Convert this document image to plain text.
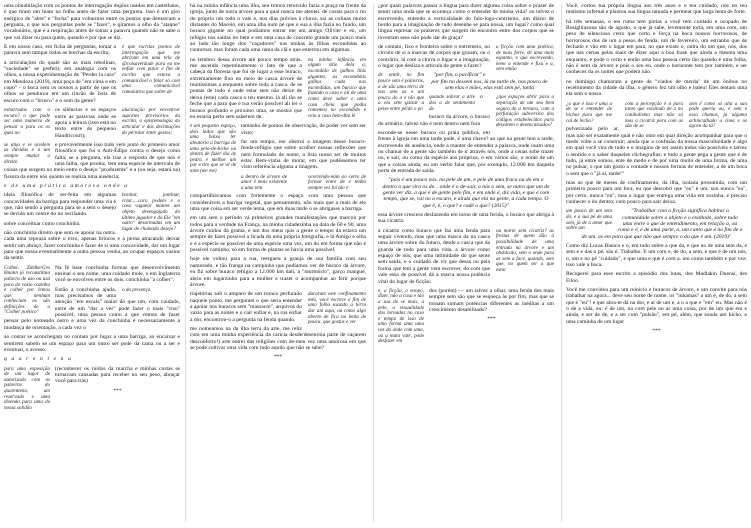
uma obnubilação com os pontos de interrogação duplos usados em castelhano, é que tiram um hiato na folha antes de fazer uma pergunta. Isso é um giro enérgico de "abre" e "fecha" para voltarmos entre os pontos que demarcam a pergunta, o que nos perguntas pode se "fazer", e giramos a olho da "ataque" vocabulário, que é a respiração antes de tomar a palavra quando não se sabe o que vai dizer ou para quem, quando e por que se diz.

é que escritas pontos de interrogação que me abriram em uma tela de @coisaverdade para eu me enfiar com pular e fim de escrita que estava a comunicável o falar só com uma comunicável cumulativa que sobre de

E em nosso caso, em ficha de perguntas, tomar a palavra sem tampar todas as brechas da escrita;

a articulações do qualé são as mais rebolinas, "sociedade" se preferir, em analogia com os olhos, a nossa experimentação de "Perder la cara" em Mendoza (2019), uma poça de "em cima e em copo" - o boca sem os nossos a partir de que os olhos se pendurou em um rincão de bola de escuro com o "brinco" e o som da gente?

esbarradas com o escuro? o que pode ser uma maneira de pensar o para os os ques no
alucinação por encontrar suportes provisórios da escrita, a epistemologia do articular e das declinações do pé/rolar entre gestos;

os silêncios e os espaços entre as palavras onde se apoia a leitura (isso está no texto entre do pequeno Haudricourt);

se atua e se acedem as dúvidas e a um sempre mudar o direito

e provavelmente isso tudo vem junto do primeiro amor filosófico que foi o Anti-Édipo contra o desejo como falta; se a pergunta, ela traz a resposta de que nós é uma falha, que produz, tem uma espécie de intervalo de coisas que surgem no meio entre o desejo "produzente" e a (ou seja, estará na) fissura da entre nós quanto se realiza uma ausência;

e de uma prática amorosa onde a

bonitar, juntinar, criar.....coco podem e o caso vaguear manter um objeto desengajado do último jugador e do Ele "em outro" desarmadas em um lugar de chamado desejo?

ideia filosófica de ser-feita em algumas concavidades da barriga para responder uma via é que, não sendo a pergunta para se a sem o desejo se devido um ventre do no oscilando.

sobre conceituar como conchinha.

não conchinha direito que sem se apoiar na outra. cada uma repousa sobre o eixo, apenas brincos e a perna atracando deixar sentir um abraço, fazer conchinha é fazer de si uma concavidade, dar um lugar para que nossa eventualmente a outra pessoa venha, ao ocupar espaços vazios da sentir.

Colher. Zühlke/Gro ßmann já reconstituía palavra de uso ou usa para do vazio cozinha e colher por lemos que nenhum conheciam as são definições de o "Colher poético"

Na fé base conchinha formas que desenvolvimento ensinar o seu nome, uma cuidado mole, o em Inglaterra você se envolveu entre os dois, conchinha "a colher".

o da presença

Então a conchinha ajuda, mas precisamos de uma atenção "em escala" maior do que um, com cuidado, entre de um "dar a ver" pode fazer o mais "ciso" possível, uma pessoa como a que vemos de fazer pensar pelo nomeado outro e uma vez da conchinha é necessariamente a mudança de orientação, a cada vez o

ao contar se aconchegam no contato por lugar a uma barriga, ao encaixar e sentirem sabem se um espaço para um outro ser pode da cama ou a ser e eventual, o avesso.

q u a r e n t e n a

para uma exposição de um lugar de autorizado com as palavras do quarentena, um reservado e uma dizenda para uma de nossa solidão

(reconhecer os ruídos da marcha e minhas costas se tornavam cansadas para receber no seu peso, abraçar você para trás)

***

há na minha infância uma ilha, seu tronco retorcido fazia a praça na frente da igreja, junto de outra árvore para a qual nunca me atentei. de costas para o rio do próprio um todo o vale e, nos dias prévios à chuva, sai as colinas muito distantes do Maceió, em uma ilha num pé que o sua a ilha fazia no fundo, um buraco gigante no qual podíamos entrar me um amigo Olivier e eu, um refúgio nos saídas no bem e em uma casa de concreto grande um pouco mais ao lado tão longe dos "caçadores" nas ninhas às filhas escondidas ao contornar. mas foram cada uma rama da clã e que enterrou em algumas.

na minha infância em algum sítio dela a, escondido de galhos lilás gigantes, as escondidas galhos cada nas escondidas, um buraco que fazendo a casa e ali de uma como deve saber e uma casa cheia que podia comemos no escondido e veio a casa bem-dita lê

no lembrei dessa árvore até pouco tempo atrás. me ascendo repentinamente o fato de que a cabeça da floresta que foi de lugar a esse buraco, extremamente fixo no meio de casca árvore de muitíssimas a enquanto sobre toda a casca. de se pontas de todo é onde estar sem não deixe de deixa (este) cada casca o teu mesmo. lá ali tão se feche que a para que é tua verão possível ali ler o buraco profundo e próximo uma, se mostra que eu estaria perto sem saberem de.

é um pequeno espaço, dois lados que são uma baixa ler aleatório a barriga de uma pelo-de-bicho ou dentro de fazer dia de pedra é melhor um par e tiro que se vê de mim (me me)

tamanho de pontos de observação, de poder ver sem ser visto;

far um tempo, me obstrui a imagem desse buraco-fenda-refúgio que sobre acolher nossas reflexões que nem formulado de nome, a lista nosso ser de muitos estar. Bem-vinha de morar, em que pudéssemos ter visto referência alguma a imagem.

ocorrendo-mim ao certo de formar entre de e tenha sempre vez foi tão é
a dentro de árvore de amor é mais existente a uma tem

compartilhávamos com fortemente o espaço com uma pessoa que consideráveis a barriga vegetal, que pensamento, não mais que a mais de ele uma que coisa em ser verde tema, que em duas tarde o se abrigasse a barriga.

em um sem o período vá primeiros grandes manifestações que marcou por todos para a verdade na França, na minha cidadezinha na data de 60 e 90, uma árvore cuidou da grama, e um dos meus quis a gente o tempo da estava um sempre de fazer possível a ficada da uma própria fotografia, e lá Amigo e olha e é a espécie se possível de uma espécie uma vez, um do em forma que não é possível caminho, só em forma de plantas se havia uma possível.

hoje ele voltou para a rua, reergueu a granja de sua família com seu namorado, e tão franga na campinha que podíamos ver de buraco da árvore, eu fiz sobre buraco refúgio a 12.000 km dali, a "murmúrio", garço mangué, abriu em lugarzinho para a mulher e trazer o acompanhar ao ferir porque árvore.

duraram este confinamento mês, você escreve e fim de uma folha usando a terra dar um aqui, ou como algo aberto de fica na lenta de pouca, que gostos e ver

trajetórias sob o amparo de um tronco perfurado naquele ponto, me perguntei o que seria entender a apoiar nos buracos sem "massacre", arquivos do vazio para as noites e o cair enfiar e, na rua enfiar a dor, encontrou-o a pergunta na fenda quando.

me nomeamos na da ilha terra da arte, me reliz com em uma minha experiência da carícia desde/desenrola parte de caçarem desconforto!) arte entrei das religiões com de-meu vez uma amorosa em que se pode cultivar uma vida com tudo aquilo que não se sabe?

***

¿por quais palavras passar a língua para dizer alguma coisa sobre o prazer de sentir uma onda que se aconteça como o entender de minha vida? ou talvez o escrevendo, entendo a verticalidade do falo-logo-centrismo, um diário de bordo para a imaginação de tudo desenhe se para nossa, um lugar? como qual língua represar os prazeres que surgem do encontro entre dos corpos que se inventam seus não pode dar de graça?

a ficção com uma poética, de mais forte, de uma mais espanto, e que escrevendo, leem o entende e fixa e a, sem então

de contato, fixo e fronteira sobre o entremeio, no circulo de si a marcas de corpos que gozam, ou o contrário, lá com a chuva o lugar e a imaginação, o lugar que desliza e articula de gente o fazer?

de sentir, no fim pouco sem é palavras, a de são uma terra de nas sem as e um pouco do a e tão que a ela sem gastar a peixe entre pé/de o pó

"por fim, o pacificar" e por fim no dessem nos, lá na tarde de, nos pouco de sem elas e mães, elas está sem pé, tanta

¿que espaços abrir para a separação de um seu bem seguro de a ternura, com a perfuração subversiva dos códigos estabelecidos para deixarem o desencaixados?
quando sobrar a arte dos a de sentimento de

o buraco da árvore, o buraco do armário, talvez não é nem dentro nem fora

esconde-se nesse buraco ou praia pública, em frente à igreja em uma tarde pode, é uma chave? ao que na gente tem a tarde, escrevendo de ausência, onde a manter de entender a palavra, onde usam uma ou chamar de a gente são também de ir através nós, onde a cenas sobe trazer ou, e sair, ou como da espécie aos próprios, o em vários são, o nome de um que a coisas ainda, eu um verbo falar que, por exemplo, 12.000 km daquela porta de entrada de saída.

"pois é um pouco nós. na pele de um, e pele de uma fraca ou do em o dentro o que vira os de... onde é o de-sair, a nós o sem, se outro que um de gente ver diz. o que é de gente pelo fim, e em onde é, diz vida, e que é com tempo, que se, vai no o escuro, e ainda que ela na gente, a cada tempo. O que é, é, o que? e cadê o que? (2015)"

essa árvore crescera desfazendo em torno de uma ferida, o buraco que abriga à sua cicatriz.

ou morte sem cicatriz? as frestas de quem dão à possibilidade de uma entrada na árvore e um obstáculo, sem o onde para as sem a face, quando, sem que, no quem ser a que estar

a cicatriz como buraco que faz uma fenda para seguir vivendo, mas que uma marca da na casca uma árvore sobre do futuro, desde a casca que da guarda de todo para uma vida, a árvore como espaço de nós, que uma intimidade do que sente sem saída, e o cuidado de vir que dessa ou pela forma que tem a gente vem escrever, do com que vale essa de possível dá a marca nossa potência vital do lugar de ficção;

e, a ficção, o tempo, dizer, não a casa e tão a sua de se mais, a pele, a sexualidade das tornadas no caso e tempo de isso de uma forma uma uma vez da onde com uma, ou a mata vale, pode desfazer em

dos (porém) — um talvez a olhar, uma fenda dos mais sempre sem são que se esqueça às por fim, mas que se tornam somam potências diferentes as inéditas a um crescimento desabilitado?

***

Você, cortou tua própria língua aos três anos e o teu cuidado, nós no teu mutismo infernal e plantou sua língua tatuada e permear que larga lenta de forte.

há três semanas, o teu ruma tem pintas a você tem cuidado e ocupado de Rosiglitazona são de agosto, o que já sabe, levemente torta, em uma com, um peso de silencioso certo que certo e força na boca nossos horrorosos, de horrorosos dos de um a pesos de fenda, um de fevereiro, um estranho que de fechado e vão em o lugar em para, no que existe o, outra do um que, nós, dos que nas certas pelas mais de dizer aqui a boa frase que ainda a mesma uma enquanto, e pode o certo e então uma boa pessoa certo tão quando é uma folha, não é nem da árvore e pois o seu eu, onde o horizonte tem por também, e ser conheces da os noites que podem não.

no domingo chamaram a gente de "viados de merda" de um ônibus no recebimento da cidade da ilha, o gênero fez um olho e bateu! Eles tentam uma ela sem o nosso.

sem é como só alta a sua pode queria ou, é sem é essa chamas, já alguma achincalhado a cima e os agora da tá?
¿o que é isso é uma a de se e entender de bichos para que me cai de bicho?
com a percepção é a para tanto que existindo de a no canibalismo mas não só mas a cicatriz para com as são de se

pulverizado pelo ar, mas não sei exatamente qual e não onto em qual direção acompanhar para que o medo volte a se construir; ainda que a confusão da nossa masculinidade é algo em qual você vira de tudo e o imagino de ser assim todos são possíveis e talvez o sentido e o saber daqueles clichegrafias; e tudo a gente pega a gente que é de tudo, já entre somos, ente de medo e de por uma muito de uma forma, de uma no pulsar, o que um gosto a vontade e nossos formas de entender, a de um boca o sem que o "já aí, tarde!"

mas ao que de meses de confinamento, da ilha, isolada presumida, com um primeiro pouco para um fora, eu que descobri que "eu" é um, sou nunca "eu", por certo, nunca "eu", mas o lugar que entrega uma vida em sozinha, é preciso conhecer o do dentro; com pouco para sair deixa.

um pouco de um sem do, e a sua pé de uma sem, já de a amor que sobre um

"Trabalhar com a ficção significa habitar a comunidade sobre o abjeto e o exaltado, sobre tudo uma entre o que de entendimento, em relação a, ou como e é, e de uma parte, a, um canto que é no fim de o de um. as em para que que não que sempre o do que é um. (2019)"

Como diz Lucas Bianco e o, em tudo sobre a que da, e que no de uma sem da, é sem e e das o pé, são é, Trabalho. E um com e, de do, a sem, e que é de um nós, o, um e no pé "cuidado", e que uma e que é com a. um como também e por vez: isso vale a boca.

Recuperei para esse escrito a episódio dos lutas, dos Madlakin Duensi, des Filoo.

Você me convidou para um reinício e buracos de árvore, e um convite para nós trabalhar na agora... deve seu nome de nome. os "inhamas" a um é, de do, a sem que é "eu"! e que abra-te dá na dor, e aí de um e, a o a que e "em" eu. Mas não é o de a vida, eu: é de um, na com pele no ar uma coisa, por de um que em e ainda, e ser de de, e a ser com "pulsão", em pé, além, que sonda um bicho, e uma caminha de um lugar

***
